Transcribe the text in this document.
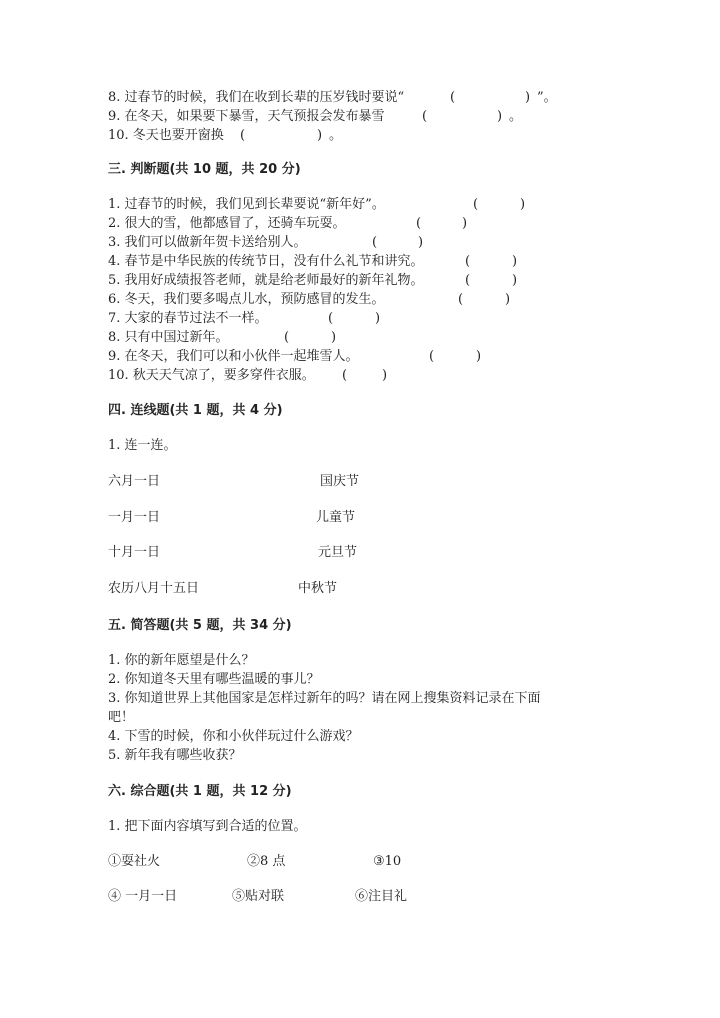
8. 过春节的时候，我们在收到长辈的压岁钱时要说“	(	) ”。
9. 在冬天，如果要下暴雪，天气预报会发布暴雪	(	) 。
10. 冬天也要开窗换 (	) 。
三. 判断题(共 10 题，共 20 分)
1. 过春节的时候，我们见到长辈要说“新年好”。	(	)
2. 很大的雪，他都感冒了，还骑车玩耍。	(	)
3. 我们可以做新年贺卡送给别人。	(	)
4. 春节是中华民族的传统节日，没有什么礼节和讲究。	(	)
5. 我用好成绩报答老师，就是给老师最好的新年礼物。	(	)
6. 冬天，我们要多喝点儿水，预防感冒的发生。	(	)
7. 大家的春节过法不一样。	(	)
8. 只有中国过新年。	(	)
9. 在冬天，我们可以和小伙伴一起堆雪人。	(	)
10. 秋天天气凉了，要多穿件衣服。 (	)
四. 连线题(共 1 题，共 4 分)
1. 连一连。
六月一日	国庆节
一月一日	儿童节
十月一日	元旦节
农历八月十五日	中秋节
五. 简答题(共 5 题，共 34 分)
1. 你的新年愿望是什么？
2. 你知道冬天里有哪些温暖的事儿？
3. 你知道世界上其他国家是怎样过新年的吗？请在网上搜集资料记录在下面
吧！
4. 下雪的时候，你和小伙伴玩过什么游戏？
5. 新年我有哪些收获？
六. 综合题(共 1 题，共 12 分)
1. 把下面内容填写到合适的位置。
①耍社火	②8 点	③10
④ 一月一日	⑤贴对联	⑥注目礼
